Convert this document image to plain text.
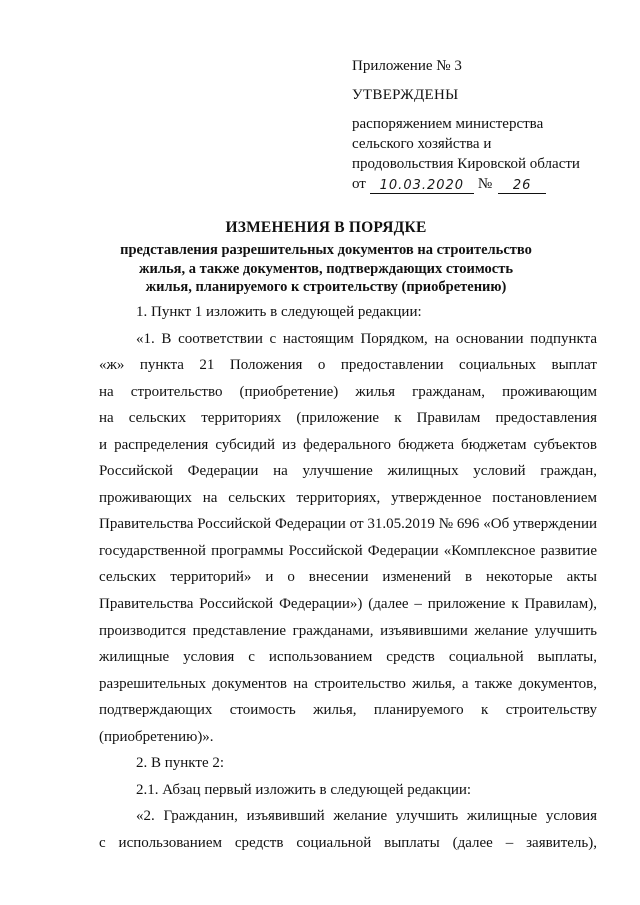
Приложение № 3
УТВЕРЖДЕНЫ
распоряжением министерства
сельского хозяйства и
продовольствия Кировской области
от	10.03.2020 №	26
ИЗМЕНЕНИЯ В ПОРЯДКЕ
представления разрешительных документов на строительство
жилья, а также документов, подтверждающих стоимость
жилья, планируемого к строительству (приобретению)
1. Пункт 1 изложить в следующей редакции:
«1. В соответствии с настоящим Порядком, на основании подпункта
«ж» пункта 21 Положения о предоставлении социальных выплат
на строительство (приобретение) жилья гражданам, проживающим
на сельских территориях (приложение к Правилам предоставления
и распределения субсидий из федерального бюджета бюджетам субъектов
Российской Федерации на улучшение жилищных условий граждан,
проживающих на сельских территориях, утвержденное постановлением
Правительства Российской Федерации от 31.05.2019 № 696 «Об утверждении
государственной программы Российской Федерации «Комплексное развитие
сельских территорий» и о внесении изменений в некоторые акты
Правительства Российской Федерации») (далее – приложение к Правилам),
производится представление гражданами, изъявившими желание улучшить
жилищные условия с использованием средств социальной выплаты,
разрешительных документов на строительство жилья, а также документов,
подтверждающих стоимость жилья, планируемого к строительству
(приобретению)».
2. В пункте 2:
2.1. Абзац первый изложить в следующей редакции:
«2. Гражданин, изъявивший желание улучшить жилищные условия
с использованием средств социальной выплаты (далее – заявитель),
